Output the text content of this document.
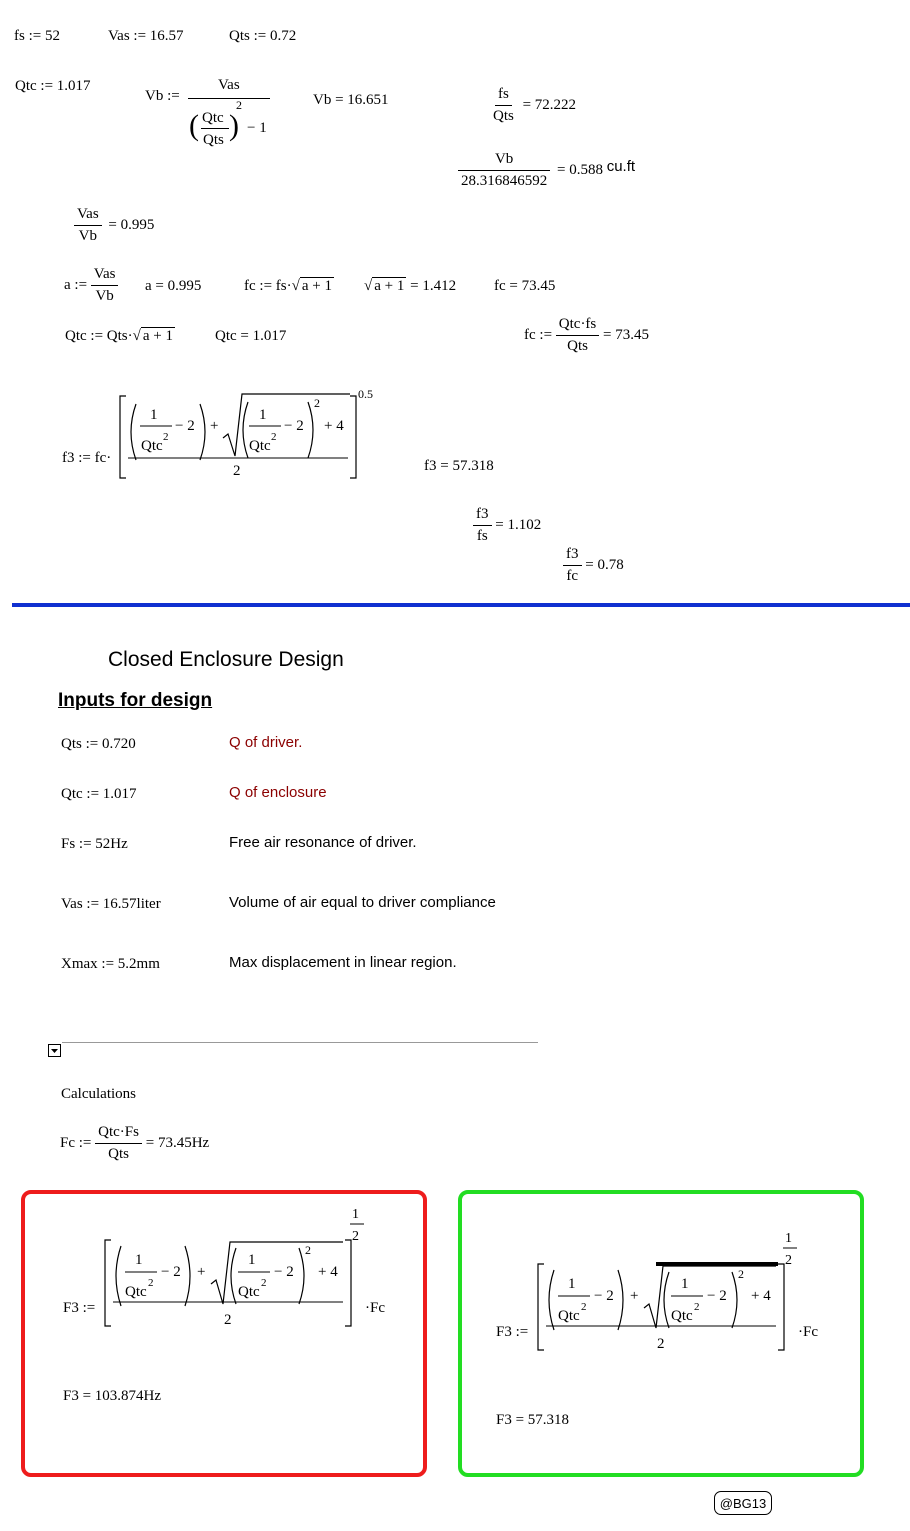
fs := 52	Vas := 16.57	Qts := 0.72
Qtc := 1.017
Vb :=
Vas
( Qtc
Qts )
2
− 1
Vb = 16.651	$\frac{fs}{\text{Qts}} = 72.222$
$\frac{Vb}{28.316846592} = 0.588$ cu.ft
$\frac{\text{Vas}}{Vb} = 0.995$
a := $\frac{\text{Vas}}{Vb}$ a = 0.995	fc := fs·√ a + 1 √ a + 1 = 1.412	fc = 73.45
Qtc := Qts·√ a + 1	Qtc = 1.017	fc := $\frac{\text{Qtc·fs}}{\text{Qts}} = 73.45$
f3 := fc·
0.5
1
Qtc
2
− 2 +
1
Qtc
2
− 2
2
+ 4
2	f3 = 57.318
$\frac{f3}{fs} = 1.102$
$\frac{f3}{fc} = 0.78$
Closed Enclosure Design
Inputs for design
Qts := 0.720	Q of driver.
Qtc := 1.017	Q of enclosure
Fs := 52Hz	Free air resonance of driver.
Vas := 16.57liter	Volume of air equal to driver compliance
Xmax := 5.2mm	Max displacement in linear region.
Calculations
Fc := $\frac{\text{Qtc·Fs}}{\text{Qts}} = 73.45Hz$
F3 :=
1
2
1
Qtc
2
− 2 +
1
Qtc
2
− 2
2
+ 4
2
·Fc
F3 = 103.874Hz
F3 :=
1
2
1
Qtc
2
− 2 +
1
Qtc
2
− 2
2
+ 4
2
·Fc
F3 = 57.318
@BG13
